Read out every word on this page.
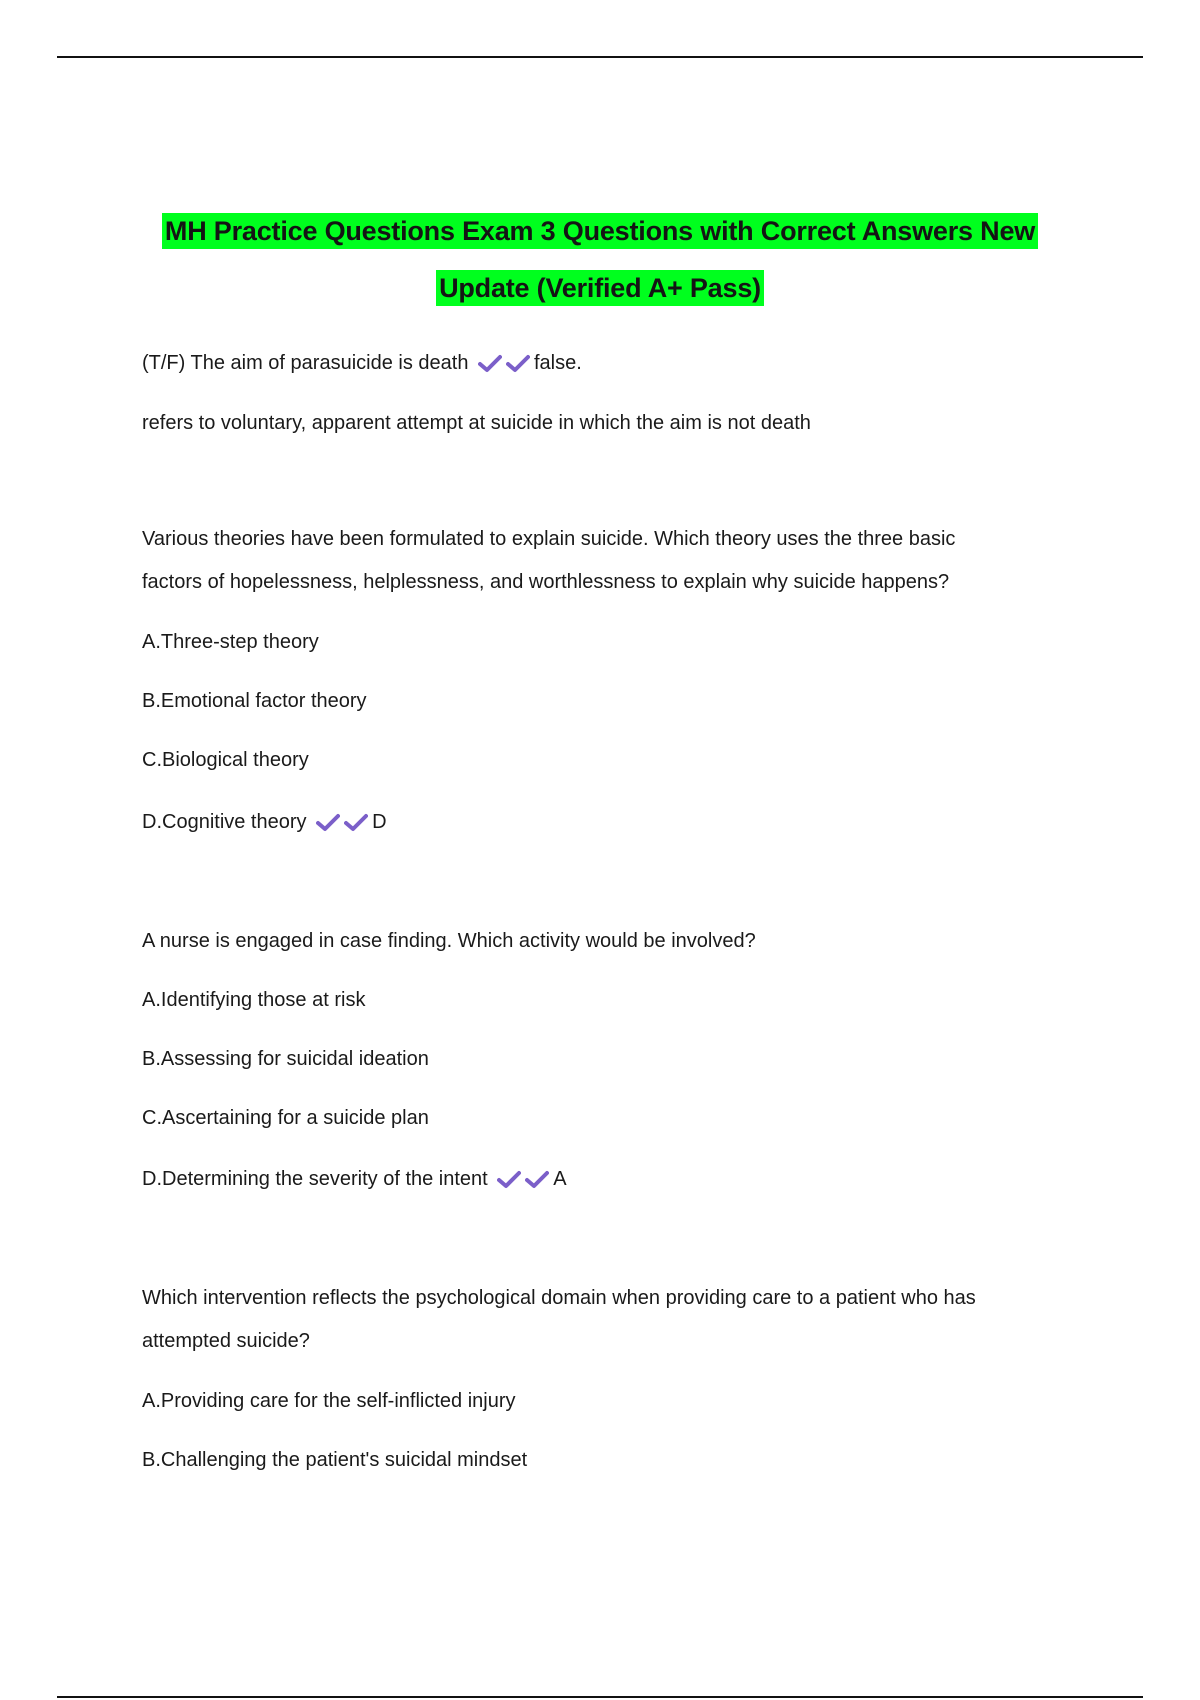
MH Practice Questions Exam 3 Questions with Correct Answers New
Update (Verified A+ Pass)
(T/F) The aim of parasuicide is death	false.
refers to voluntary, apparent attempt at suicide in which the aim is not death
Various theories have been formulated to explain suicide. Which theory uses the three basic
factors of hopelessness, helplessness, and worthlessness to explain why suicide happens?
A.Three-step theory
B.Emotional factor theory
C.Biological theory
D.Cognitive theory	D
A nurse is engaged in case finding. Which activity would be involved?
A.Identifying those at risk
B.Assessing for suicidal ideation
C.Ascertaining for a suicide plan
D.Determining the severity of the intent	A
Which intervention reflects the psychological domain when providing care to a patient who has
attempted suicide?
A.Providing care for the self-inflicted injury
B.Challenging the patient's suicidal mindset
